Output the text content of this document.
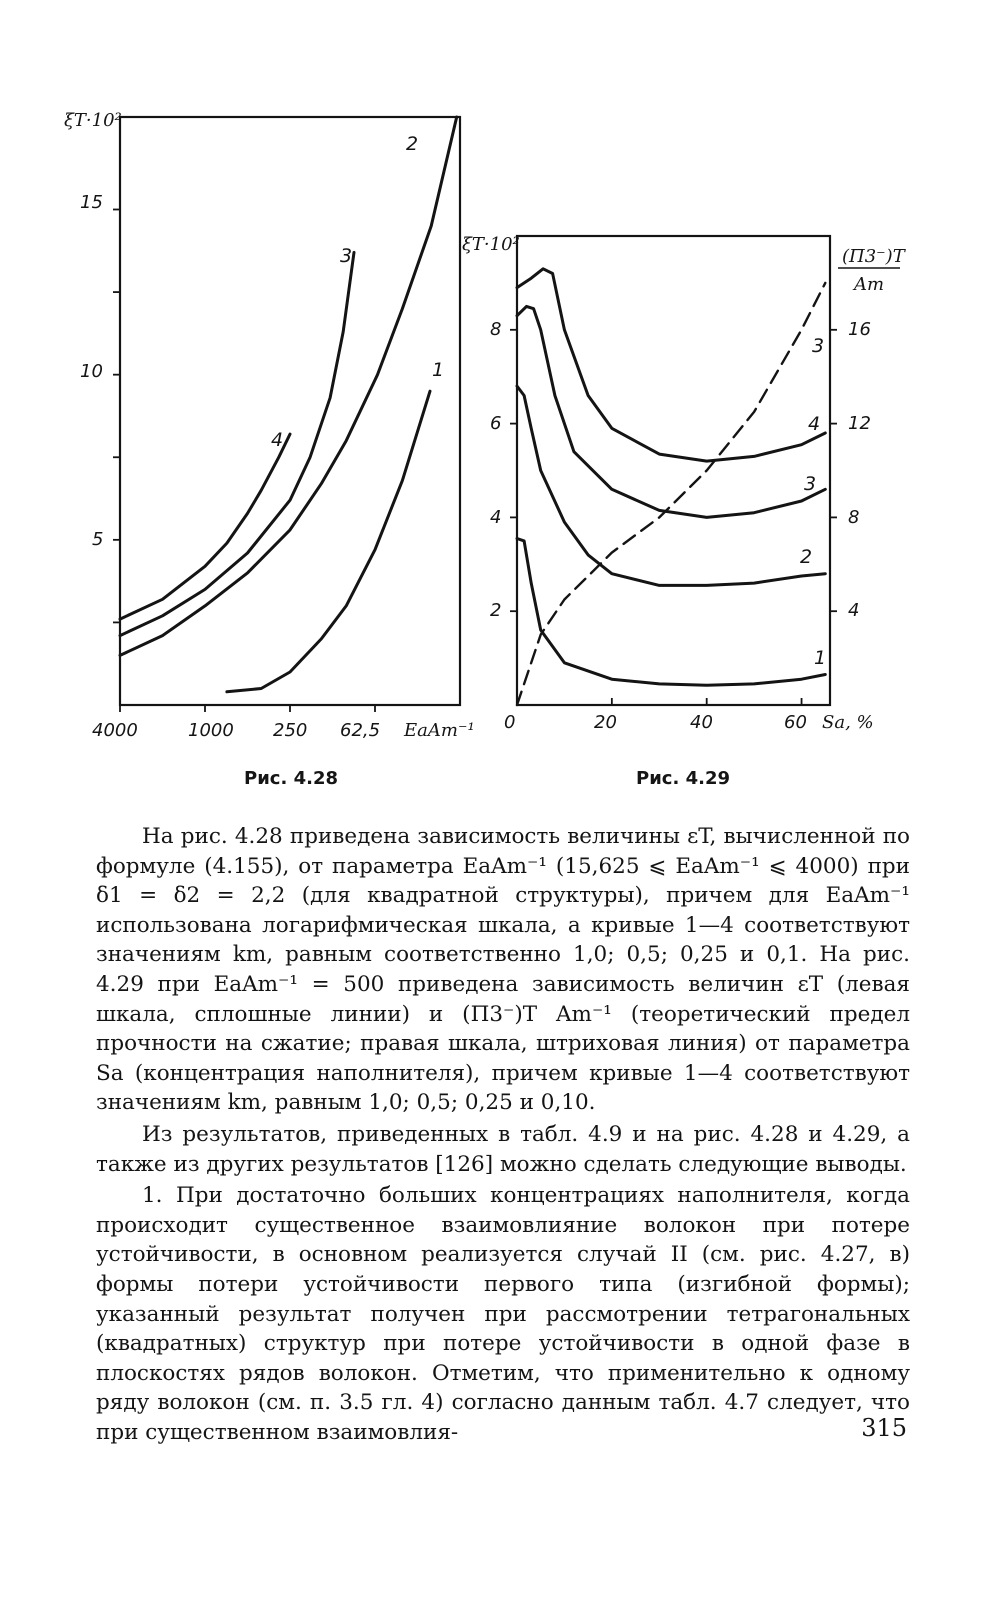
ξT·10²
EaAm⁻¹
15
10
5
4000	1000 250 62,5
1
2
3
4
ξT·10²
(П3⁻)T
Am
Sa, %
8
6
4
2
16
12
8
4
0	20	40	60
1
2
3
4
3
Рис. 4.28	Рис. 4.29

На рис. 4.28 приведена зависимость величины εT, вычисленной по формуле (4.155), от параметра EaAm⁻¹ (15,625 ⩽ EaAm⁻¹ ⩽ 4000) при δ1 = δ2 = 2,2 (для квадратной структуры), причем для EaAm⁻¹ использована логарифмическая шкала, а кривые 1—4 соответствуют значениям km, равным соответственно 1,0; 0,5; 0,25 и 0,1. На рис. 4.29 при EaAm⁻¹ = 500 приведена зависимость величин εT (левая шкала, сплошные линии) и (П3⁻)T Am⁻¹ (теоретический предел прочности на сжатие; правая шкала, штриховая линия) от параметра Sa (концентрация наполнителя), причем кривые 1—4 соответствуют значениям km, равным 1,0; 0,5; 0,25 и 0,10.

Из результатов, приведенных в табл. 4.9 и на рис. 4.28 и 4.29, а также из других результатов [126] можно сделать следующие выводы.

1. При достаточно больших концентрациях наполнителя, когда происходит существенное взаимовлияние волокон при потере устойчивости, в основном реализуется случай II (см. рис. 4.27, в) формы потери устойчивости первого типа (изгибной формы); указанный результат получен при рассмотрении тетрагональных (квадратных) структур при потере устойчивости в одной фазе в плоскостях рядов волокон. Отметим, что применительно к одному ряду волокон (см. п. 3.5 гл. 4) согласно данным табл. 4.7 следует, что при существенном взаимовлия-	315
